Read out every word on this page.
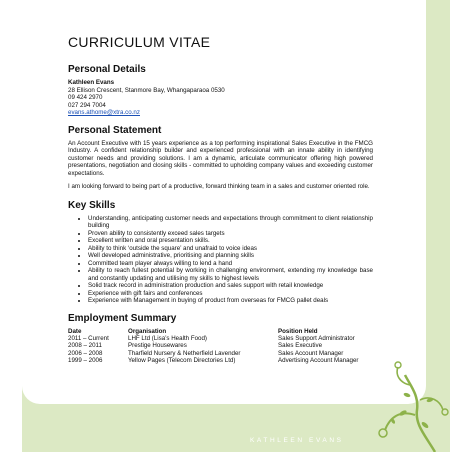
CURRICULUM VITAE
Personal Details
Kathleen Evans
28 Ellison Crescent, Stanmore Bay, Whangaparaoa 0530
09 424 2970
027 294 7004
evans.athome@xtra.co.nz
Personal Statement

An Account Executive with 15 years experience as a top performing inspirational Sales Executive in the FMCG Industry. A confident relationship builder and experienced professional with an innate ability in identifying customer needs and providing solutions. I am a dynamic, articulate communicator offering high powered presentations, negotiation and closing skills - committed to upholding company values and exceeding customer expectations.

I am looking forward to being part of a productive, forward thinking team in a sales and customer oriented role.

Key Skills
• Understanding, anticipating customer needs and expectations through commitment to client relationship building
• Proven ability to consistently exceed sales targets
• Excellent written and oral presentation skills.
• Ability to think ‘outside the square’ and unafraid to voice ideas
• Well developed administrative, prioritising and planning skills
• Committed team player always willing to lend a hand
• Ability to reach fullest potential by working in challenging environment, extending my knowledge base and constantly updating and utilising my skills to highest levels
• Solid track record in administration production and sales support with retail knowledge
• Experience with gift fairs and conferences
• Experience with Management in buying of product from overseas for FMCG pallet deals
Employment Summary
Date	Organisation	Position Held
2011 – Current	LHF Ltd (Lisa’s Health Food)	Sales Support Administrator
2008 – 2011	Prestige Housewares	Sales Executive
2006 – 2008	Tharfield Nursery & Netherfield Lavender	Sales Account Manager
1999 – 2006	Yellow Pages (Telecom Directories Ltd)	Advertising Account Manager
KATHLEEN EVANS
